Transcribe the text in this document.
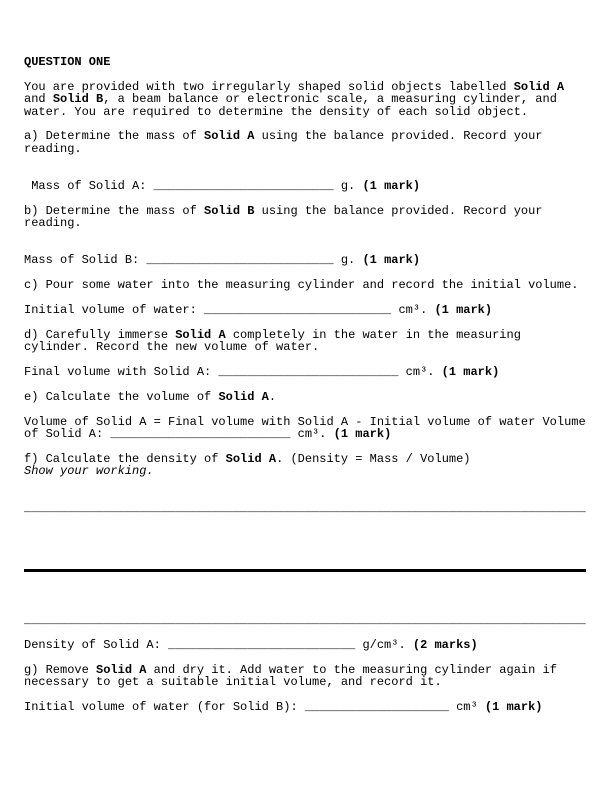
QUESTION ONE
You are provided with two irregularly shaped solid objects labelled Solid A
and Solid B, a beam balance or electronic scale, a measuring cylinder, and
water. You are required to determine the density of each solid object.
a) Determine the mass of Solid A using the balance provided. Record your
reading.
Mass of Solid A: _________________________ g. (1 mark)
b) Determine the mass of Solid B using the balance provided. Record your
reading.
Mass of Solid B: __________________________ g. (1 mark)
c) Pour some water into the measuring cylinder and record the initial volume.
Initial volume of water: __________________________ cm³. (1 mark)
d) Carefully immerse Solid A completely in the water in the measuring
cylinder. Record the new volume of water.
Final volume with Solid A: _________________________ cm³. (1 mark)
e) Calculate the volume of Solid A.
Volume of Solid A = Final volume with Solid A - Initial volume of water Volume
of Solid A: _________________________ cm³. (1 mark)
f) Calculate the density of Solid A. (Density = Mass / Volume)
Show your working.
______________________________________________________________________________
______________________________________________________________________________
Density of Solid A: __________________________ g/cm³. (2 marks)
g) Remove Solid A and dry it. Add water to the measuring cylinder again if
necessary to get a suitable initial volume, and record it.
Initial volume of water (for Solid B): ____________________ cm³ (1 mark)
